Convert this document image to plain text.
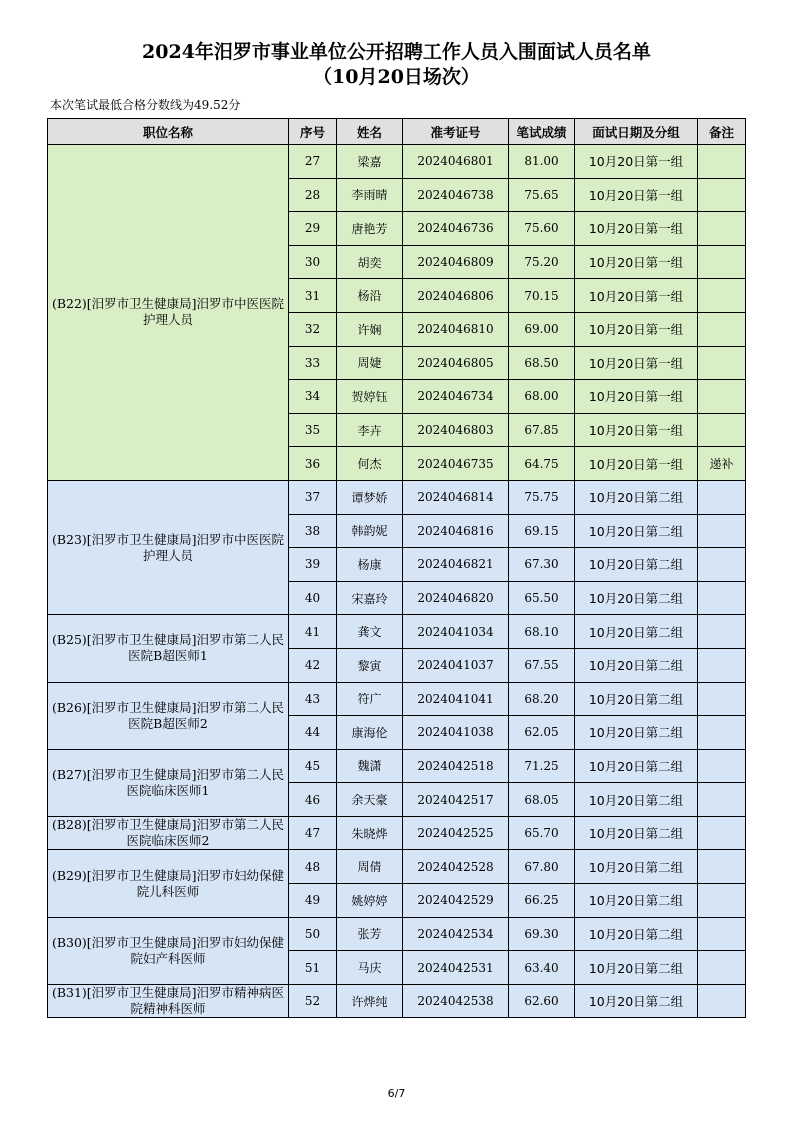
2024年汨罗市事业单位公开招聘工作人员入围面试人员名单
（10月20日场次）
本次笔试最低合格分数线为49.52分
职位名称	序号	姓名	准考证号	笔试成绩	面试日期及分组	备注

(B22)[汨罗市卫生健康局]汨罗市中医医院护理人员	27	梁嘉	2024046801	81.00	10月20日第一组	
	28	李雨晴	2024046738	75.65	10月20日第一组	
	29	唐艳芳	2024046736	75.60	10月20日第一组	
	30	胡奕	2024046809	75.20	10月20日第一组	
	31	杨沿	2024046806	70.15	10月20日第一组	
	32	许娴	2024046810	69.00	10月20日第一组	
	33	周婕	2024046805	68.50	10月20日第一组	
	34	贺婷钰	2024046734	68.00	10月20日第一组	
	35	李卉	2024046803	67.85	10月20日第一组	
	36	何杰	2024046735	64.75	10月20日第一组	递补

(B23)[汨罗市卫生健康局]汨罗市中医医院护理人员	37	谭梦娇	2024046814	75.75	10月20日第二组	
	38	韩韵妮	2024046816	69.15	10月20日第二组	
	39	杨康	2024046821	67.30	10月20日第二组	
	40	宋嘉玲	2024046820	65.50	10月20日第二组	

(B25)[汨罗市卫生健康局]汨罗市第二人民医院B超医师1	41	龚文	2024041034	68.10	10月20日第二组	
	42	黎寅	2024041037	67.55	10月20日第二组	

(B26)[汨罗市卫生健康局]汨罗市第二人民医院B超医师2	43	符广	2024041041	68.20	10月20日第二组	
	44	康海伦	2024041038	62.05	10月20日第二组	

(B27)[汨罗市卫生健康局]汨罗市第二人民医院临床医师1	45	魏潇	2024042518	71.25	10月20日第二组	
	46	余天豪	2024042517	68.05	10月20日第二组	

(B28)[汨罗市卫生健康局]汨罗市第二人民医院临床医师2	47	朱晓烨	2024042525	65.70	10月20日第二组	

(B29)[汨罗市卫生健康局]汨罗市妇幼保健院儿科医师	48	周倩	2024042528	67.80	10月20日第二组	
	49	姚婷婷	2024042529	66.25	10月20日第二组	

(B30)[汨罗市卫生健康局]汨罗市妇幼保健院妇产科医师	50	张芳	2024042534	69.30	10月20日第二组	
	51	马庆	2024042531	63.40	10月20日第二组	

(B31)[汨罗市卫生健康局]汨罗市精神病医院精神科医师	52	许烨纯	2024042538	62.60	10月20日第二组	
6/7
